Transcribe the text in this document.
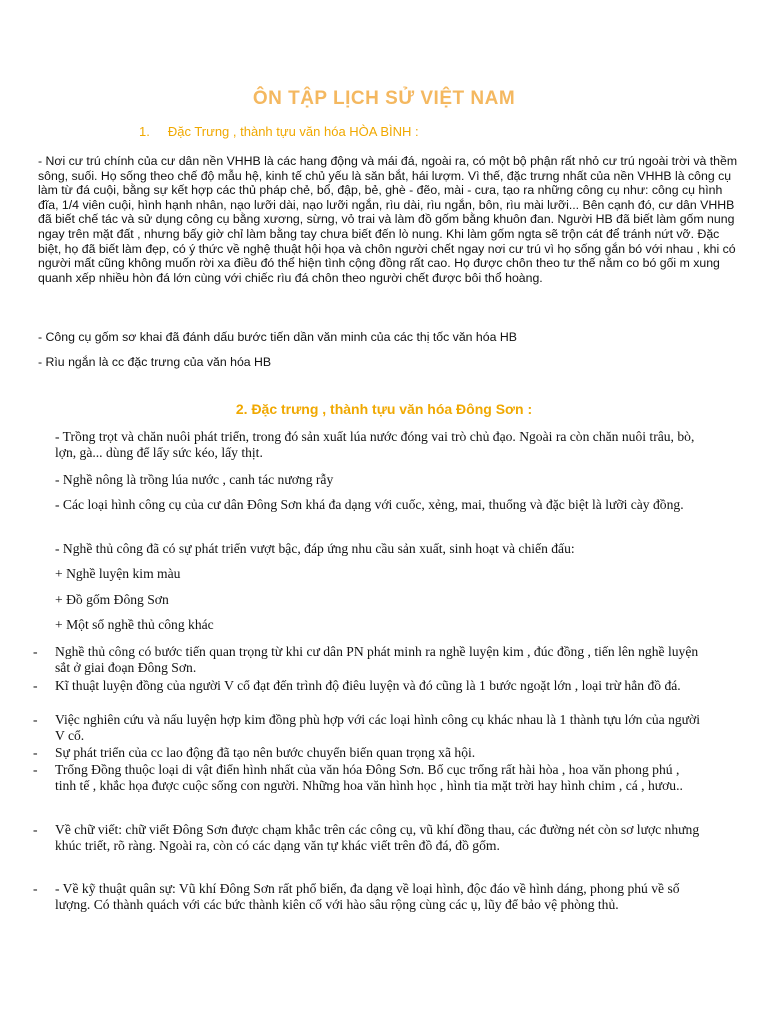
ÔN TẬP LỊCH SỬ VIỆT NAM
1. Đặc Trưng , thành tựu văn hóa HÒA BÌNH :
- Nơi cư trú chính của cư dân nền VHHB là các hang động và mái đá, ngoài ra, có một bộ phận rất nhỏ cư trú ngoài trời và thềm sông, suối. Họ sống theo chế độ mẫu hệ, kinh tế chủ yếu là săn bắt, hái lượm. Vì thế, đặc trưng nhất của nền VHHB là công cụ làm từ đá cuội, bằng sự kết hợp các thủ pháp chẻ, bổ, đập, bẻ, ghè - đẽo, mài - cưa, tạo ra những công cụ như: công cụ hình đĩa, 1/4 viên cuội, hình hạnh nhân, nạo lưỡi dài, nạo lưỡi ngắn, rìu dài, rìu ngắn, bôn, rìu mài lưỡi... Bên cạnh đó, cư dân VHHB đã biết chế tác và sử dụng công cụ bằng xương, sừng, vỏ trai và làm đồ gốm bằng khuôn đan. Người HB đã biết làm gốm nung ngay trên mặt đất , nhưng bấy giờ chỉ làm bằng tay chưa biết đến lò nung. Khi làm gốm ngta sẽ trộn cát để tránh nứt vỡ. Đặc biệt, họ đã biết làm đẹp, có ý thức về nghệ thuật hội họa và chôn người chết ngay nơi cư trú vì họ sống gắn bó với nhau , khi có người mất cũng không muốn rời xa điều đó thể hiện tình cộng đồng rất cao. Họ được chôn theo tư thế nằm co bó gối m xung quanh xếp nhiều hòn đá lớn cùng với chiếc rìu đá chôn theo người chết được bôi thổ hoàng.
- Công cụ gốm sơ khai đã đánh dấu bước tiến dần văn minh của các thị tốc văn hóa HB
- Rìu ngắn là cc đặc trưng của văn hóa HB
2. Đặc trưng , thành tựu văn hóa Đông Sơn :
- Trồng trọt và chăn nuôi phát triển, trong đó sản xuất lúa nước đóng vai trò chủ đạo. Ngoài ra còn chăn nuôi trâu, bò, lợn, gà... dùng để lấy sức kéo, lấy thịt.
- Nghề nông là trồng lúa nước , canh tác nương rẫy
- Các loại hình công cụ của cư dân Đông Sơn khá đa dạng với cuốc, xẻng, mai, thuổng và đặc biệt là lưỡi cày đồng.
- Nghề thủ công đã có sự phát triển vượt bậc, đáp ứng nhu cầu sản xuất, sinh hoạt và chiến đấu:
+ Nghề luyện kim màu
+ Đồ gốm Đông Sơn
+ Một số nghề thủ công khác
- Nghề thủ công có bước tiến quan trọng từ khi cư dân PN phát minh ra nghề luyện kim , đúc đồng , tiến lên nghề luyện sắt ở giai đoạn Đông Sơn.
- Kĩ thuật luyện đồng của người V cổ đạt đến trình độ điêu luyện và đó cũng là 1 bước ngoặt lớn , loại trừ hẳn đồ đá.
- Việc nghiên cứu và nấu luyện hợp kim đồng phù hợp với các loại hình công cụ khác nhau là 1 thành tựu lớn của người V cổ.
- Sự phát triển của cc lao động đã tạo nên bước chuyển biến quan trọng xã hội.
- Trống Đồng thuộc loại di vật điển hình nhất của văn hóa Đông Sơn. Bố cục trống rất hài hòa , hoa văn phong phú , tinh tế , khắc họa được cuộc sống con người. Những hoa văn hình học , hình tia mặt trời hay hình chim , cá , hươu..
- Về chữ viết: chữ viết Đông Sơn được chạm khắc trên các công cụ, vũ khí đồng thau, các đường nét còn sơ lược nhưng khúc triết, rõ ràng. Ngoài ra, còn có các dạng văn tự khác viết trên đồ đá, đồ gốm.
- - Về kỹ thuật quân sự: Vũ khí Đông Sơn rất phổ biến, đa dạng về loại hình, độc đáo về hình dáng, phong phú về số lượng. Có thành quách với các bức thành kiên cố với hào sâu rộng cùng các ụ, lũy để bảo vệ phòng thủ.
